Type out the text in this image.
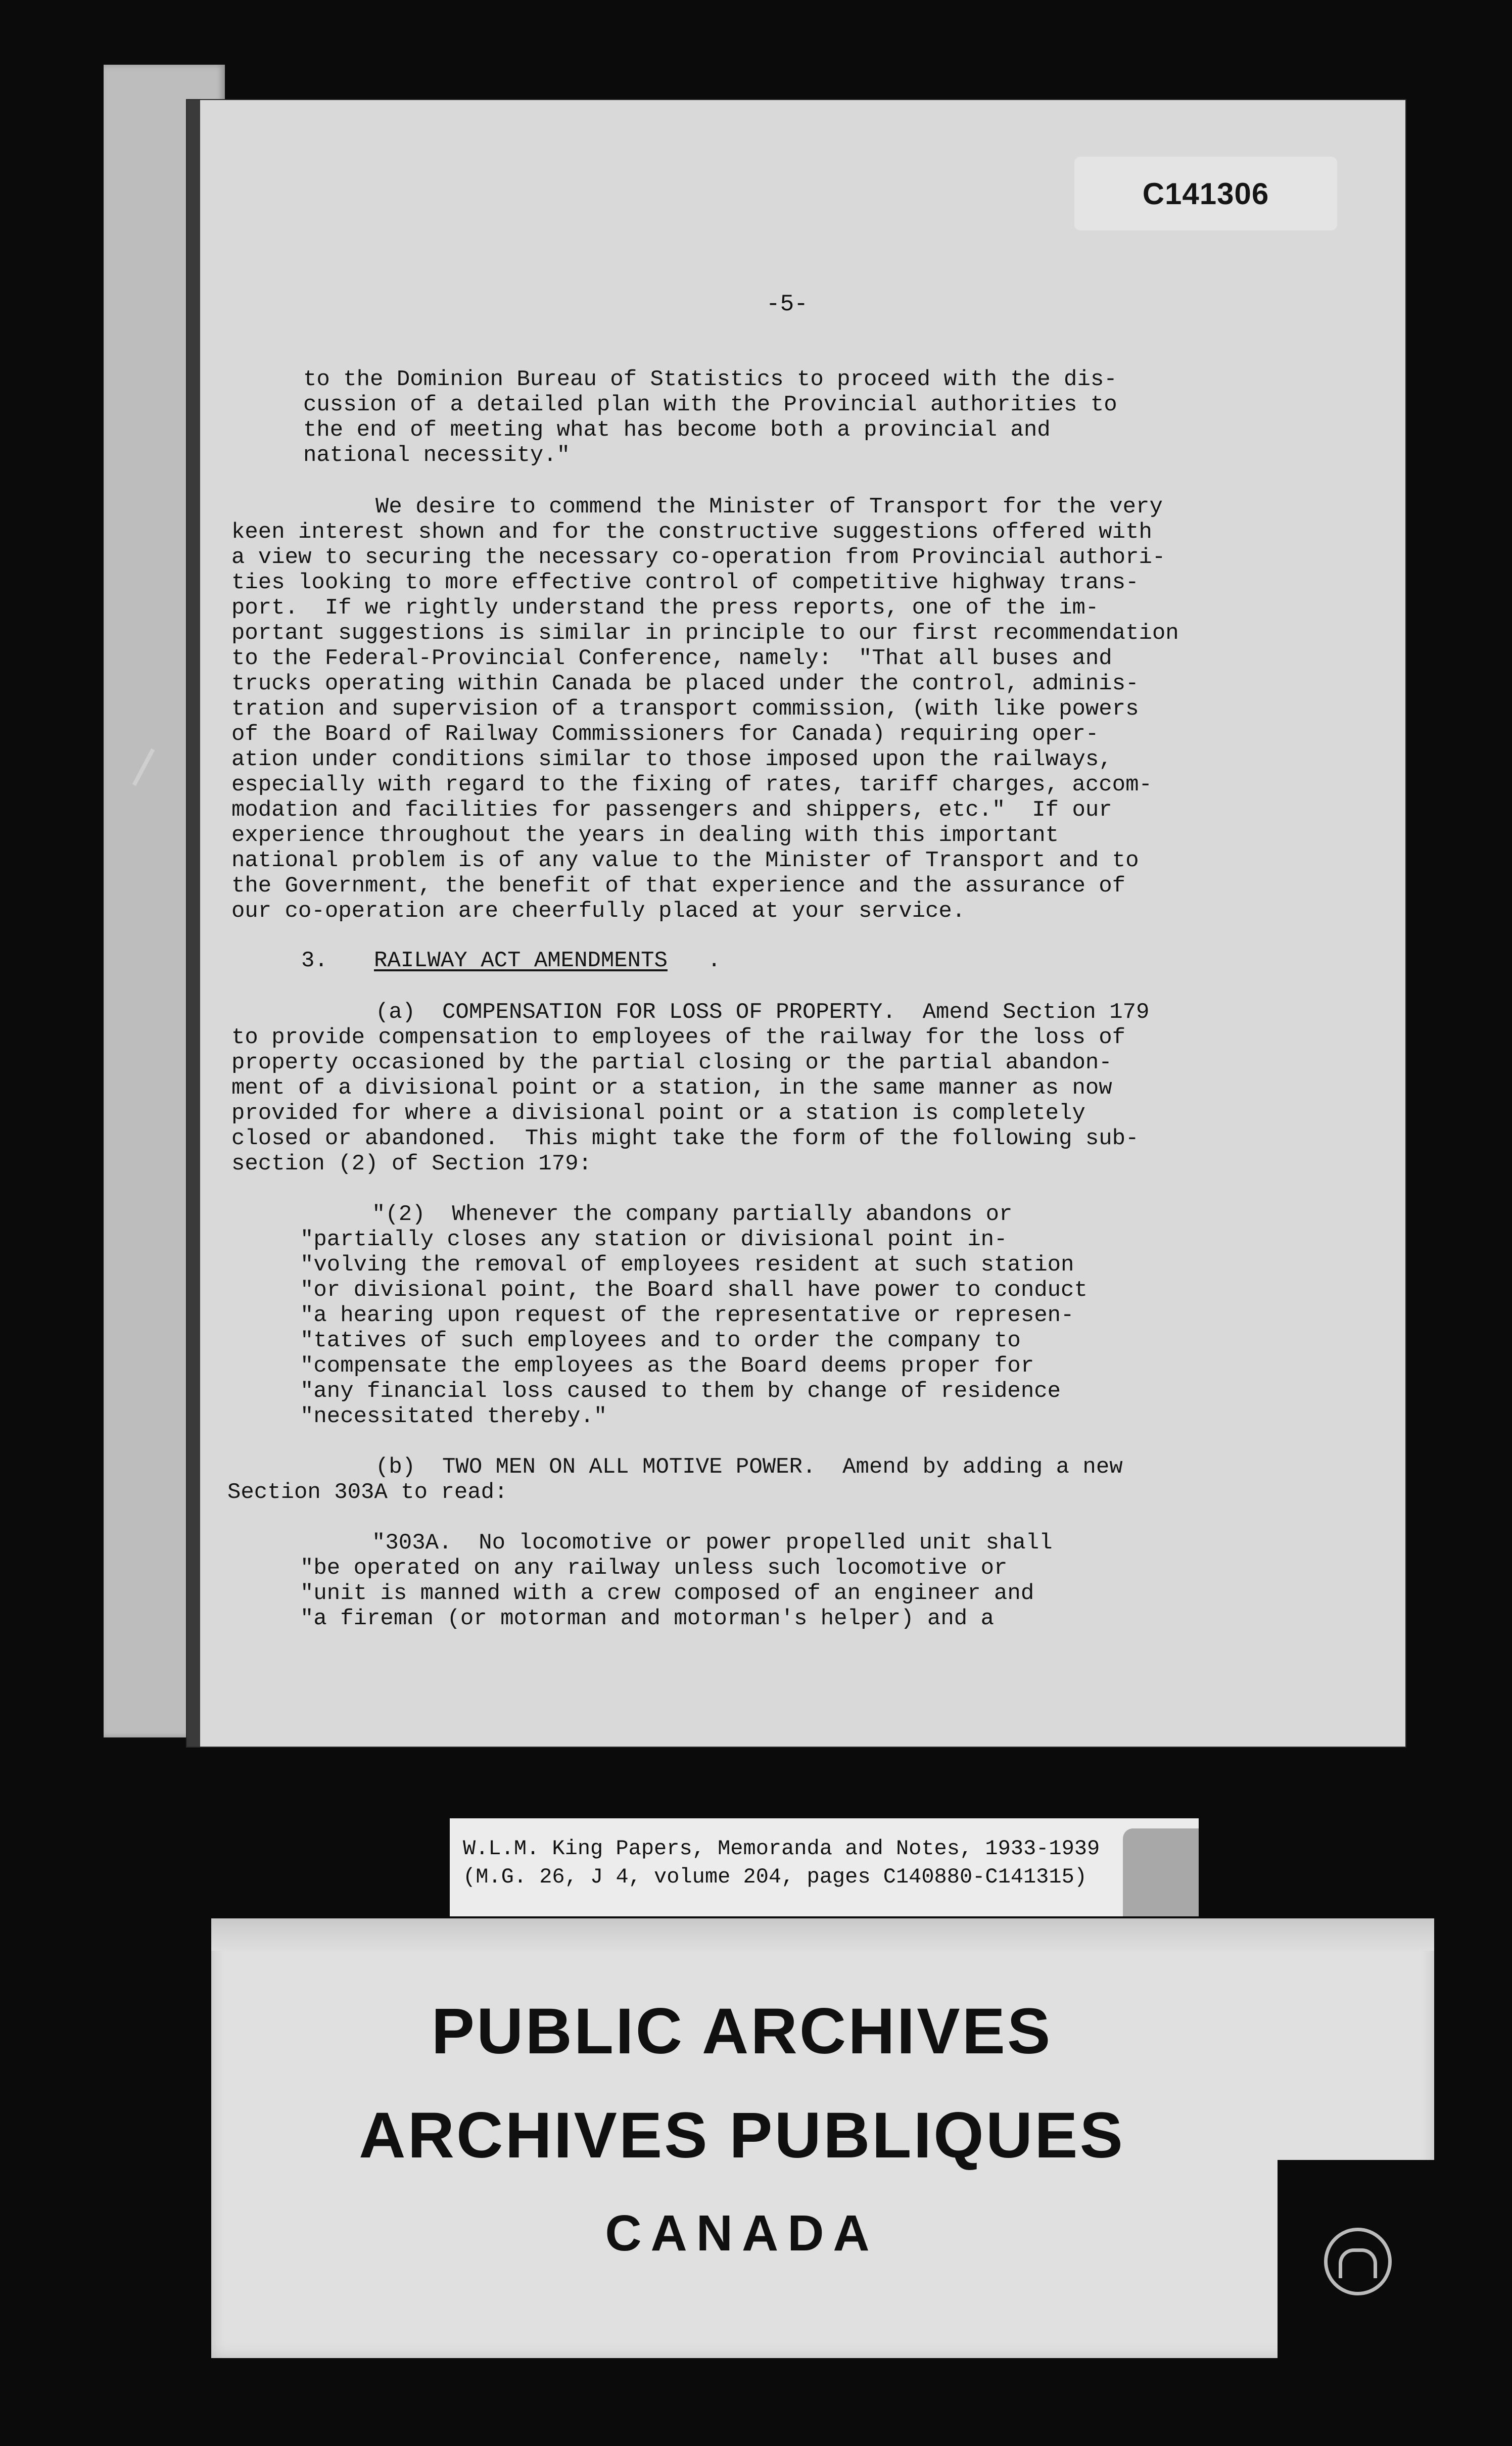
C141306
-5-
to the Dominion Bureau of Statistics to proceed with the dis-
cussion of a detailed plan with the Provincial authorities to
the end of meeting what has become both a provincial and
national necessity."
We desire to commend the Minister of Transport for the very
keen interest shown and for the constructive suggestions offered with
a view to securing the necessary co-operation from Provincial authori-
ties looking to more effective control of competitive highway trans-
port.  If we rightly understand the press reports, one of the im-
portant suggestions is similar in principle to our first recommendation
to the Federal-Provincial Conference, namely:  "That all buses and
trucks operating within Canada be placed under the control, adminis-
tration and supervision of a transport commission, (with like powers
of the Board of Railway Commissioners for Canada) requiring oper-
ation under conditions similar to those imposed upon the railways,
especially with regard to the fixing of rates, tariff charges, accom-
modation and facilities for passengers and shippers, etc."  If our
experience throughout the years in dealing with this important
national problem is of any value to the Minister of Transport and to
the Government, the benefit of that experience and the assurance of
our co-operation are cheerfully placed at your service.
3. RAILWAY ACT AMENDMENTS .
(a)  COMPENSATION FOR LOSS OF PROPERTY.  Amend Section 179
to provide compensation to employees of the railway for the loss of
property occasioned by the partial closing or the partial abandon-
ment of a divisional point or a station, in the same manner as now
provided for where a divisional point or a station is completely
closed or abandoned.  This might take the form of the following sub-
section (2) of Section 179:
"(2)  Whenever the company partially abandons or
"partially closes any station or divisional point in-
"volving the removal of employees resident at such station
"or divisional point, the Board shall have power to conduct
"a hearing upon request of the representative or represen-
"tatives of such employees and to order the company to
"compensate the employees as the Board deems proper for
"any financial loss caused to them by change of residence
"necessitated thereby."
(b)  TWO MEN ON ALL MOTIVE POWER.  Amend by adding a new
Section 303A to read:
"303A.  No locomotive or power propelled unit shall
"be operated on any railway unless such locomotive or
"unit is manned with a crew composed of an engineer and
"a fireman (or motorman and motorman's helper) and a
W.L.M. King Papers, Memoranda and Notes, 1933-1939
(M.G. 26, J 4, volume 204, pages C140880-C141315)
PUBLIC ARCHIVES
ARCHIVES PUBLIQUES
CANADA
